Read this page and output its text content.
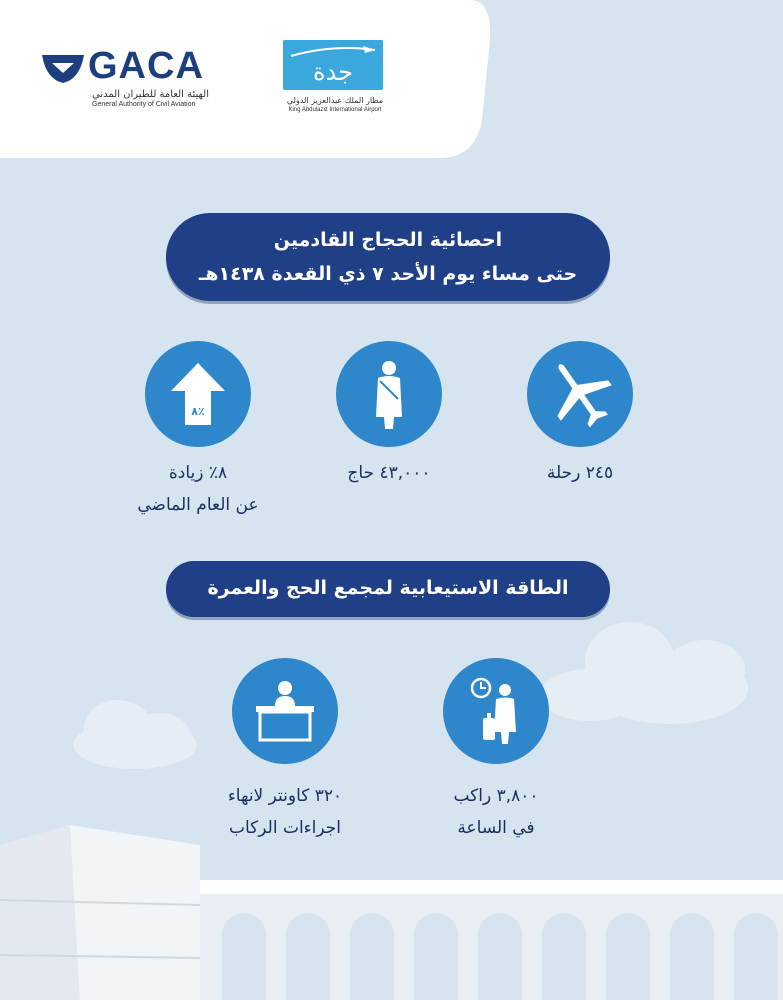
GACA
الهيئة العامة للطيران المدني
General Authority of Civil Aviation
جدة
مطار الملك عبدالعزيز الدولي
King Abdulaziz International Airport
احصائية الحجاج القادمين
حتى مساء يوم الأحد ٧ ذي القعدة ١٤٣٨هـ
٨٪
٢٤٥ رحلة
٤٣,٠٠٠ حاج
٨٪ زيادة
عن العام الماضي
الطاقة الاستيعابية لمجمع الحج والعمرة
٣,٨٠٠ راكب
في الساعة
٣٢٠ كاونتر لانهاء
اجراءات الركاب
